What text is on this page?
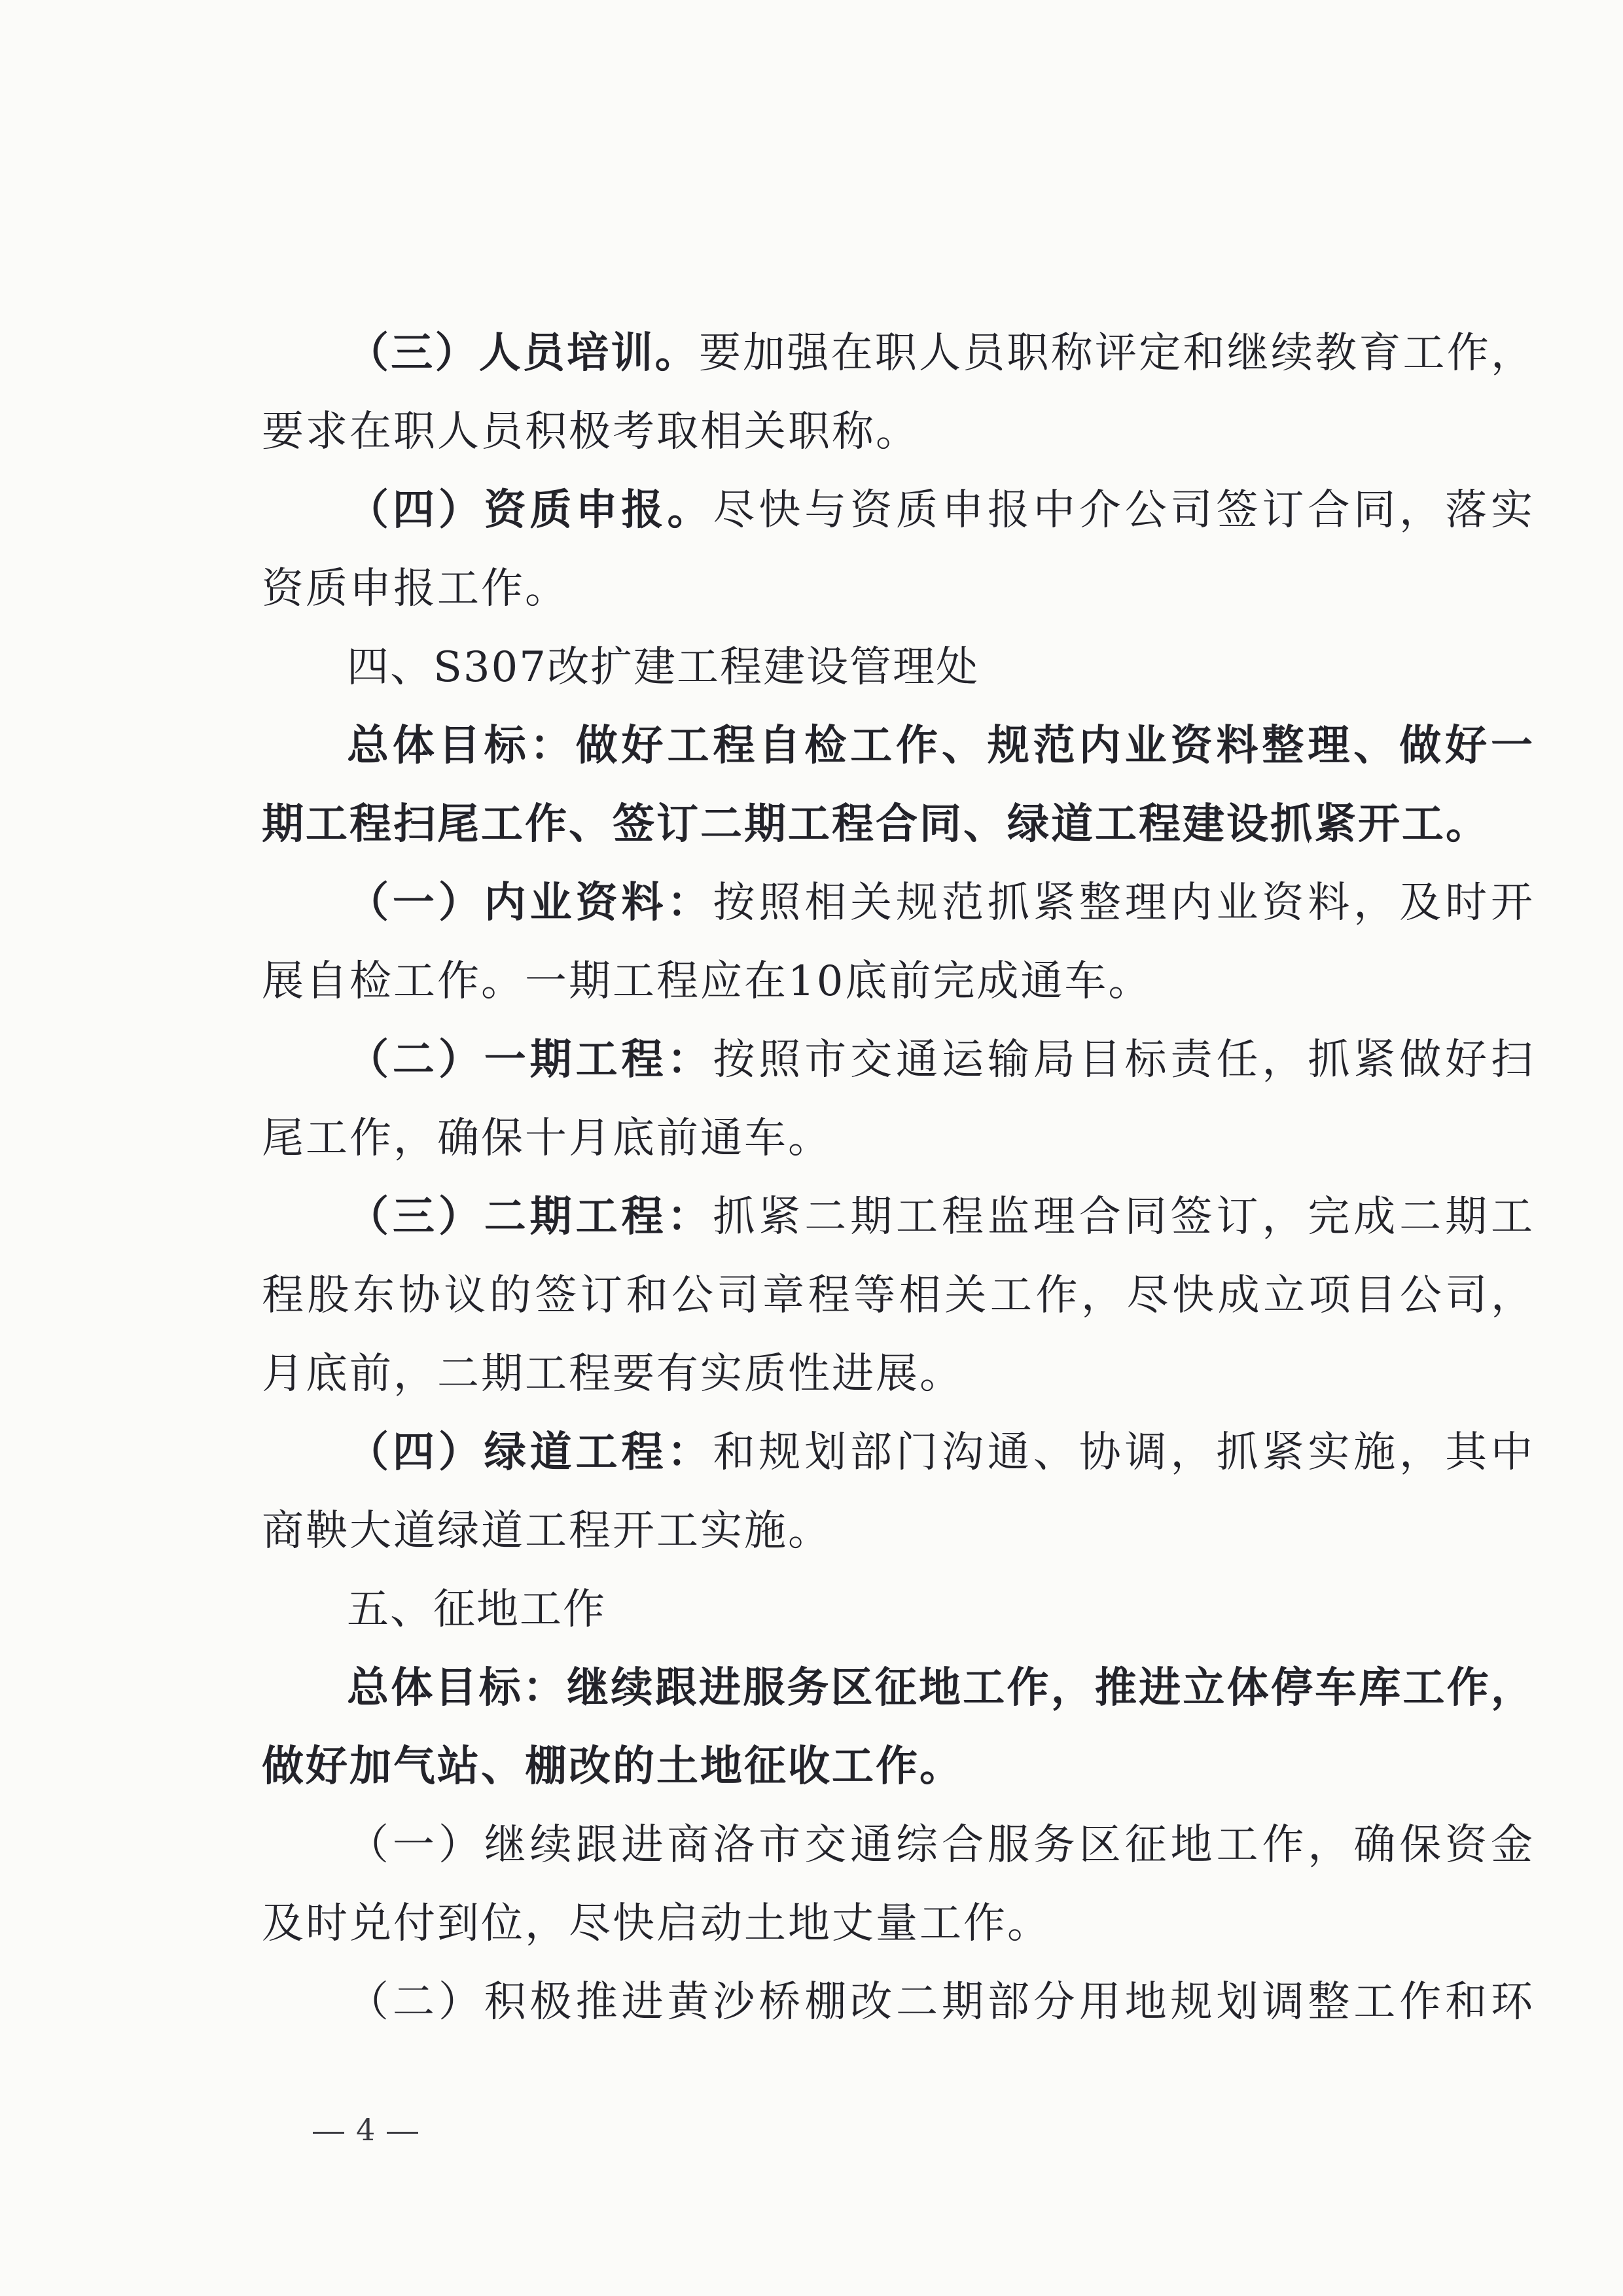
（三）人员培训。要加强在职人员职称评定和继续教育工作，
要求在职人员积极考取相关职称。
（四）资质申报。尽快与资质申报中介公司签订合同，落实
资质申报工作。
四、S307改扩建工程建设管理处
总体目标：做好工程自检工作、规范内业资料整理、做好一
期工程扫尾工作、签订二期工程合同、绿道工程建设抓紧开工。
（一）内业资料：按照相关规范抓紧整理内业资料，及时开
展自检工作。一期工程应在10底前完成通车。
（二）一期工程：按照市交通运输局目标责任，抓紧做好扫
尾工作，确保十月底前通车。
（三）二期工程：抓紧二期工程监理合同签订，完成二期工
程股东协议的签订和公司章程等相关工作，尽快成立项目公司，
月底前，二期工程要有实质性进展。
（四）绿道工程：和规划部门沟通、协调，抓紧实施，其中
商鞅大道绿道工程开工实施。
五、征地工作
总体目标：继续跟进服务区征地工作，推进立体停车库工作，
做好加气站、棚改的土地征收工作。
（一）继续跟进商洛市交通综合服务区征地工作，确保资金
及时兑付到位，尽快启动土地丈量工作。
（二）积极推进黄沙桥棚改二期部分用地规划调整工作和环
4
